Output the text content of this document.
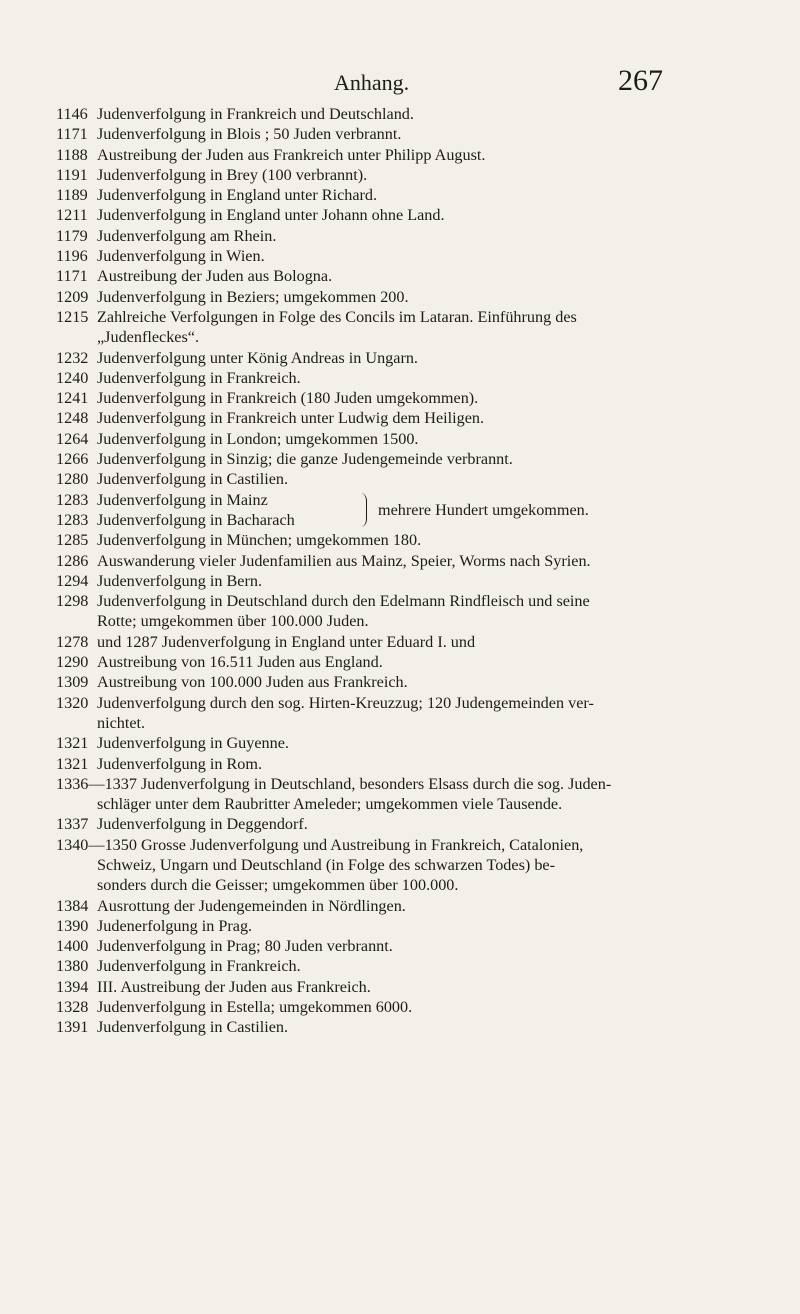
Anhang.	267
1146 Judenverfolgung in Frankreich und Deutschland.
1171 Judenverfolgung in Blois ; 50 Juden verbrannt.
1188 Austreibung der Juden aus Frankreich unter Philipp August.
1191 Judenverfolgung in Brey (100 verbrannt).
1189 Judenverfolgung in England unter Richard.
1211 Judenverfolgung in England unter Johann ohne Land.
1179 Judenverfolgung am Rhein.
1196 Judenverfolgung in Wien.
1171 Austreibung der Juden aus Bologna.
1209 Judenverfolgung in Beziers; umgekommen 200.
1215 Zahlreiche Verfolgungen in Folge des Concils im Lataran. Einführung des
„Judenfleckes“.
1232 Judenverfolgung unter König Andreas in Ungarn.
1240 Judenverfolgung in Frankreich.
1241 Judenverfolgung in Frankreich (180 Juden umgekommen).
1248 Judenverfolgung in Frankreich unter Ludwig dem Heiligen.
1264 Judenverfolgung in London; umgekommen 1500.
1266 Judenverfolgung in Sinzig; die ganze Judengemeinde verbrannt.
1280 Judenverfolgung in Castilien.
1283 Judenverfolgung in Mainz
1283 Judenverfolgung in Bacharach
mehrere Hundert umgekommen.
1285 Judenverfolgung in München; umgekommen 180.
1286 Auswanderung vieler Judenfamilien aus Mainz, Speier, Worms nach Syrien.
1294 Judenverfolgung in Bern.
1298 Judenverfolgung in Deutschland durch den Edelmann Rindfleisch und seine
Rotte; umgekommen über 100.000 Juden.
1278 und 1287 Judenverfolgung in England unter Eduard I. und
1290 Austreibung von 16.511 Juden aus England.
1309 Austreibung von 100.000 Juden aus Frankreich.
1320 Judenverfolgung durch den sog. Hirten-Kreuzzug; 120 Judengemeinden ver-
nichtet.
1321 Judenverfolgung in Guyenne.
1321 Judenverfolgung in Rom.
1336—1337 Judenverfolgung in Deutschland, besonders Elsass durch die sog. Juden-
schläger unter dem Raubritter Ameleder; umgekommen viele Tausende.
1337 Judenverfolgung in Deggendorf.
1340—1350 Grosse Judenverfolgung und Austreibung in Frankreich, Catalonien,
Schweiz, Ungarn und Deutschland (in Folge des schwarzen Todes) be-
sonders durch die Geisser; umgekommen über 100.000.
1384 Ausrottung der Judengemeinden in Nördlingen.
1390 Judenerfolgung in Prag.
1400 Judenverfolgung in Prag; 80 Juden verbrannt.
1380 Judenverfolgung in Frankreich.
1394 III. Austreibung der Juden aus Frankreich.
1328 Judenverfolgung in Estella; umgekommen 6000.
1391 Judenverfolgung in Castilien.
